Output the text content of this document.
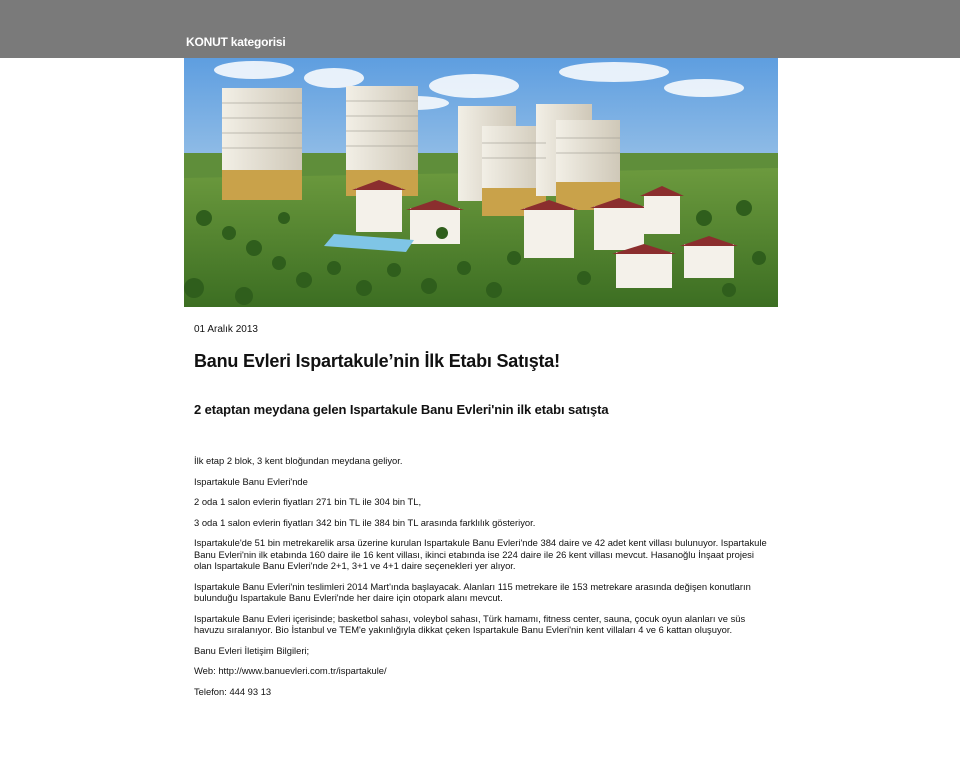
KONUT kategorisi
01 Aralık 2013
Banu Evleri Ispartakule’nin İlk Etabı Satışta!
2 etaptan meydana gelen Ispartakule Banu Evleri'nin ilk etabı satışta

İlk etap 2 blok, 3 kent bloğundan meydana geliyor.

Ispartakule Banu Evleri'nde

2 oda 1 salon evlerin fiyatları 271 bin TL ile 304 bin TL,

3 oda 1 salon evlerin fiyatları 342 bin TL ile 384 bin TL arasında farklılık gösteriyor.

Ispartakule'de 51 bin metrekarelik arsa üzerine kurulan Ispartakule Banu Evleri'nde 384 daire ve 42 adet kent villası bulunuyor. Ispartakule Banu Evleri'nin ilk etabında 160 daire ile 16 kent villası, ikinci etabında ise 224 daire ile 26 kent villası mevcut. Hasanoğlu İnşaat projesi olan Ispartakule Banu Evleri'nde 2+1, 3+1 ve 4+1 daire seçenekleri yer alıyor.

Ispartakule Banu Evleri'nin teslimleri 2014 Mart'ında başlayacak. Alanları 115 metrekare ile 153 metrekare arasında değişen konutların bulunduğu Ispartakule Banu Evleri'nde her daire için otopark alanı mevcut.

Ispartakule Banu Evleri içerisinde; basketbol sahası, voleybol sahası, Türk hamamı, fitness center, sauna, çocuk oyun alanları ve süs havuzu sıralanıyor. Bio İstanbul ve TEM'e yakınlığıyla dikkat çeken Ispartakule Banu Evleri'nin kent villaları 4 ve 6 kattan oluşuyor.

Banu Evleri İletişim Bilgileri;

Web: http://www.banuevleri.com.tr/ispartakule/

Telefon: 444 93 13
